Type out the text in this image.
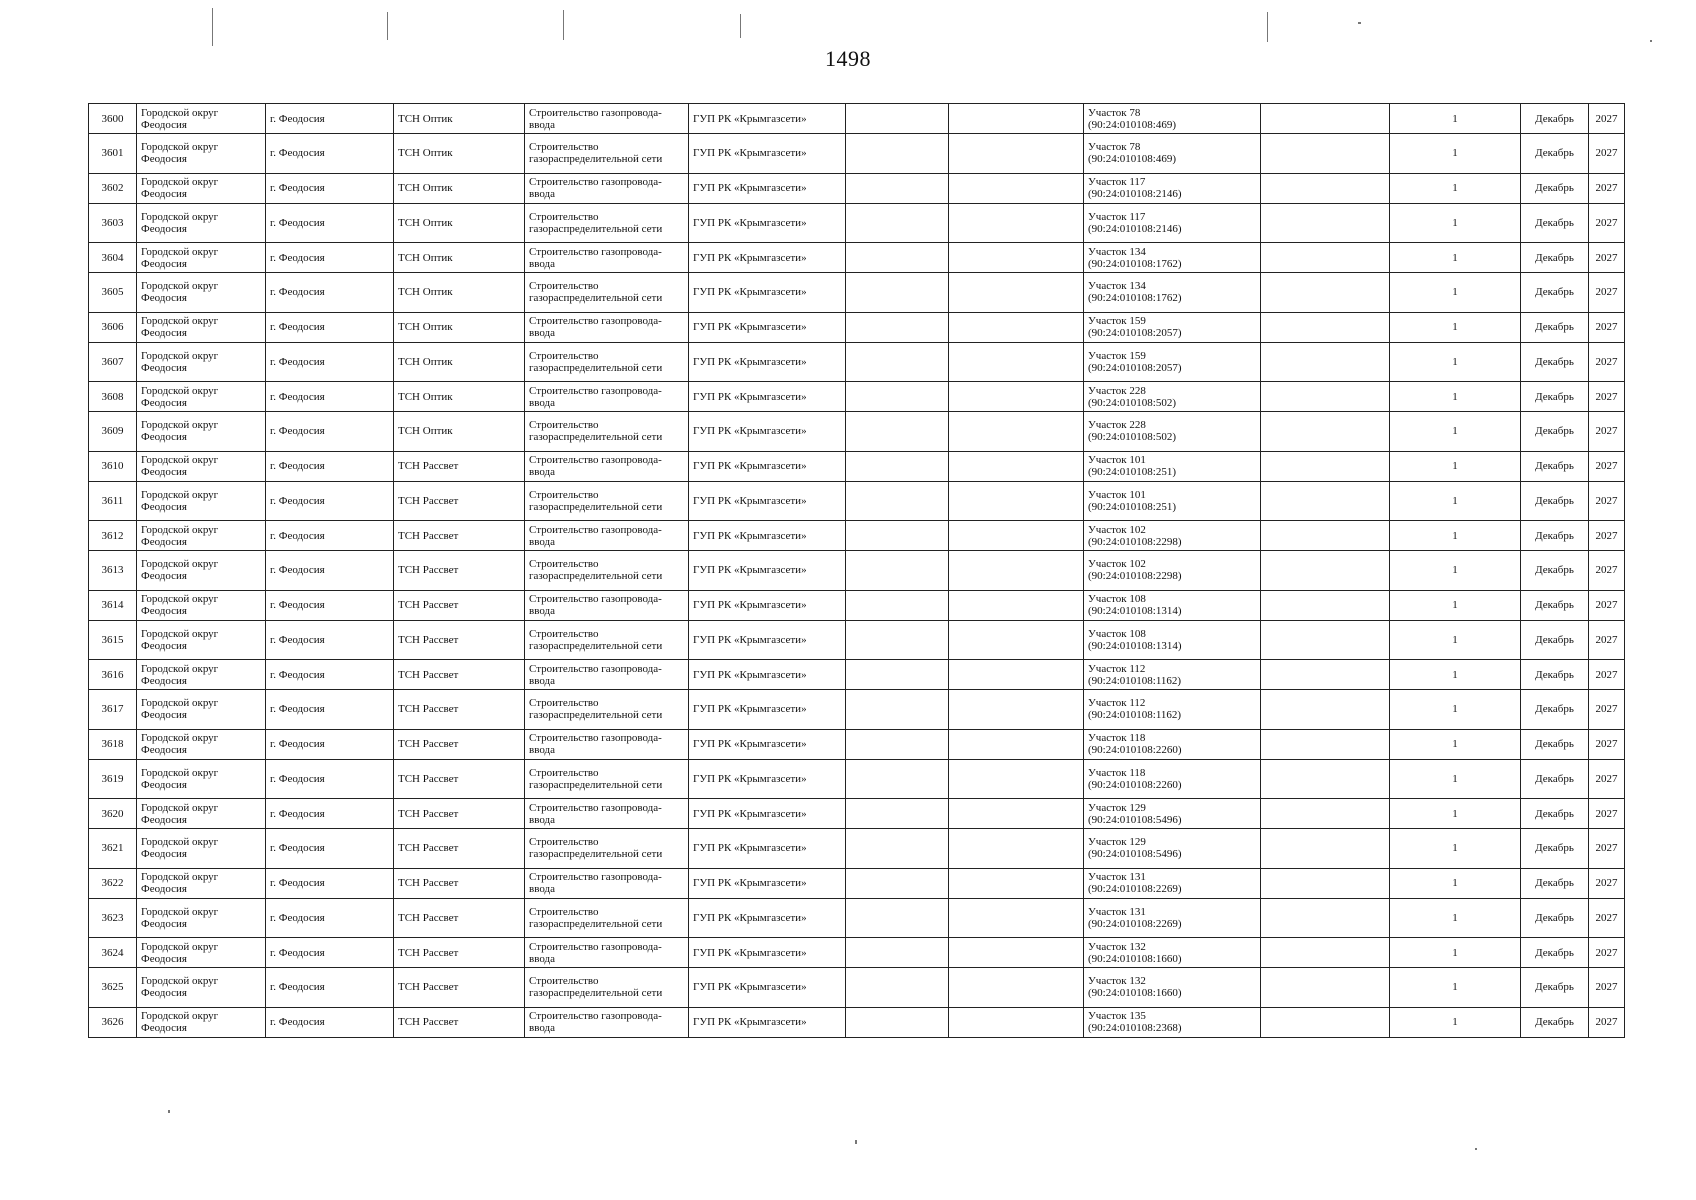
1498
3600	Городской округ Феодосия	г. Феодосия	ТСН Оптик	Строительство газопровода-ввода	ГУП РК «Крымгазсети»			Участок 78
(90:24:010108:469)		1	Декабрь	2027
3601	Городской округ Феодосия	г. Феодосия	ТСН Оптик	Строительство газораспределительной сети	ГУП РК «Крымгазсети»			Участок 78
(90:24:010108:469)		1	Декабрь	2027
3602	Городской округ Феодосия	г. Феодосия	ТСН Оптик	Строительство газопровода-ввода	ГУП РК «Крымгазсети»			Участок 117
(90:24:010108:2146)		1	Декабрь	2027
3603	Городской округ Феодосия	г. Феодосия	ТСН Оптик	Строительство газораспределительной сети	ГУП РК «Крымгазсети»			Участок 117
(90:24:010108:2146)		1	Декабрь	2027
3604	Городской округ Феодосия	г. Феодосия	ТСН Оптик	Строительство газопровода-ввода	ГУП РК «Крымгазсети»			Участок 134
(90:24:010108:1762)		1	Декабрь	2027
3605	Городской округ Феодосия	г. Феодосия	ТСН Оптик	Строительство газораспределительной сети	ГУП РК «Крымгазсети»			Участок 134
(90:24:010108:1762)		1	Декабрь	2027
3606	Городской округ Феодосия	г. Феодосия	ТСН Оптик	Строительство газопровода-ввода	ГУП РК «Крымгазсети»			Участок 159
(90:24:010108:2057)		1	Декабрь	2027
3607	Городской округ Феодосия	г. Феодосия	ТСН Оптик	Строительство газораспределительной сети	ГУП РК «Крымгазсети»			Участок 159
(90:24:010108:2057)		1	Декабрь	2027
3608	Городской округ Феодосия	г. Феодосия	ТСН Оптик	Строительство газопровода-ввода	ГУП РК «Крымгазсети»			Участок 228
(90:24:010108:502)		1	Декабрь	2027
3609	Городской округ Феодосия	г. Феодосия	ТСН Оптик	Строительство газораспределительной сети	ГУП РК «Крымгазсети»			Участок 228
(90:24:010108:502)		1	Декабрь	2027
3610	Городской округ Феодосия	г. Феодосия	ТСН Рассвет	Строительство газопровода-ввода	ГУП РК «Крымгазсети»			Участок 101
(90:24:010108:251)		1	Декабрь	2027
3611	Городской округ Феодосия	г. Феодосия	ТСН Рассвет	Строительство газораспределительной сети	ГУП РК «Крымгазсети»			Участок 101
(90:24:010108:251)		1	Декабрь	2027
3612	Городской округ Феодосия	г. Феодосия	ТСН Рассвет	Строительство газопровода-ввода	ГУП РК «Крымгазсети»			Участок 102
(90:24:010108:2298)		1	Декабрь	2027
3613	Городской округ Феодосия	г. Феодосия	ТСН Рассвет	Строительство газораспределительной сети	ГУП РК «Крымгазсети»			Участок 102
(90:24:010108:2298)		1	Декабрь	2027
3614	Городской округ Феодосия	г. Феодосия	ТСН Рассвет	Строительство газопровода-ввода	ГУП РК «Крымгазсети»			Участок 108
(90:24:010108:1314)		1	Декабрь	2027
3615	Городской округ Феодосия	г. Феодосия	ТСН Рассвет	Строительство газораспределительной сети	ГУП РК «Крымгазсети»			Участок 108
(90:24:010108:1314)		1	Декабрь	2027
3616	Городской округ Феодосия	г. Феодосия	ТСН Рассвет	Строительство газопровода-ввода	ГУП РК «Крымгазсети»			Участок 112
(90:24:010108:1162)		1	Декабрь	2027
3617	Городской округ Феодосия	г. Феодосия	ТСН Рассвет	Строительство газораспределительной сети	ГУП РК «Крымгазсети»			Участок 112
(90:24:010108:1162)		1	Декабрь	2027
3618	Городской округ Феодосия	г. Феодосия	ТСН Рассвет	Строительство газопровода-ввода	ГУП РК «Крымгазсети»			Участок 118
(90:24:010108:2260)		1	Декабрь	2027
3619	Городской округ Феодосия	г. Феодосия	ТСН Рассвет	Строительство газораспределительной сети	ГУП РК «Крымгазсети»			Участок 118
(90:24:010108:2260)		1	Декабрь	2027
3620	Городской округ Феодосия	г. Феодосия	ТСН Рассвет	Строительство газопровода-ввода	ГУП РК «Крымгазсети»			Участок 129
(90:24:010108:5496)		1	Декабрь	2027
3621	Городской округ Феодосия	г. Феодосия	ТСН Рассвет	Строительство газораспределительной сети	ГУП РК «Крымгазсети»			Участок 129
(90:24:010108:5496)		1	Декабрь	2027
3622	Городской округ Феодосия	г. Феодосия	ТСН Рассвет	Строительство газопровода-ввода	ГУП РК «Крымгазсети»			Участок 131
(90:24:010108:2269)		1	Декабрь	2027
3623	Городской округ Феодосия	г. Феодосия	ТСН Рассвет	Строительство газораспределительной сети	ГУП РК «Крымгазсети»			Участок 131
(90:24:010108:2269)		1	Декабрь	2027
3624	Городской округ Феодосия	г. Феодосия	ТСН Рассвет	Строительство газопровода-ввода	ГУП РК «Крымгазсети»			Участок 132
(90:24:010108:1660)		1	Декабрь	2027
3625	Городской округ Феодосия	г. Феодосия	ТСН Рассвет	Строительство газораспределительной сети	ГУП РК «Крымгазсети»			Участок 132
(90:24:010108:1660)		1	Декабрь	2027
3626	Городской округ Феодосия	г. Феодосия	ТСН Рассвет	Строительство газопровода-ввода	ГУП РК «Крымгазсети»			Участок 135
(90:24:010108:2368)		1	Декабрь	2027
